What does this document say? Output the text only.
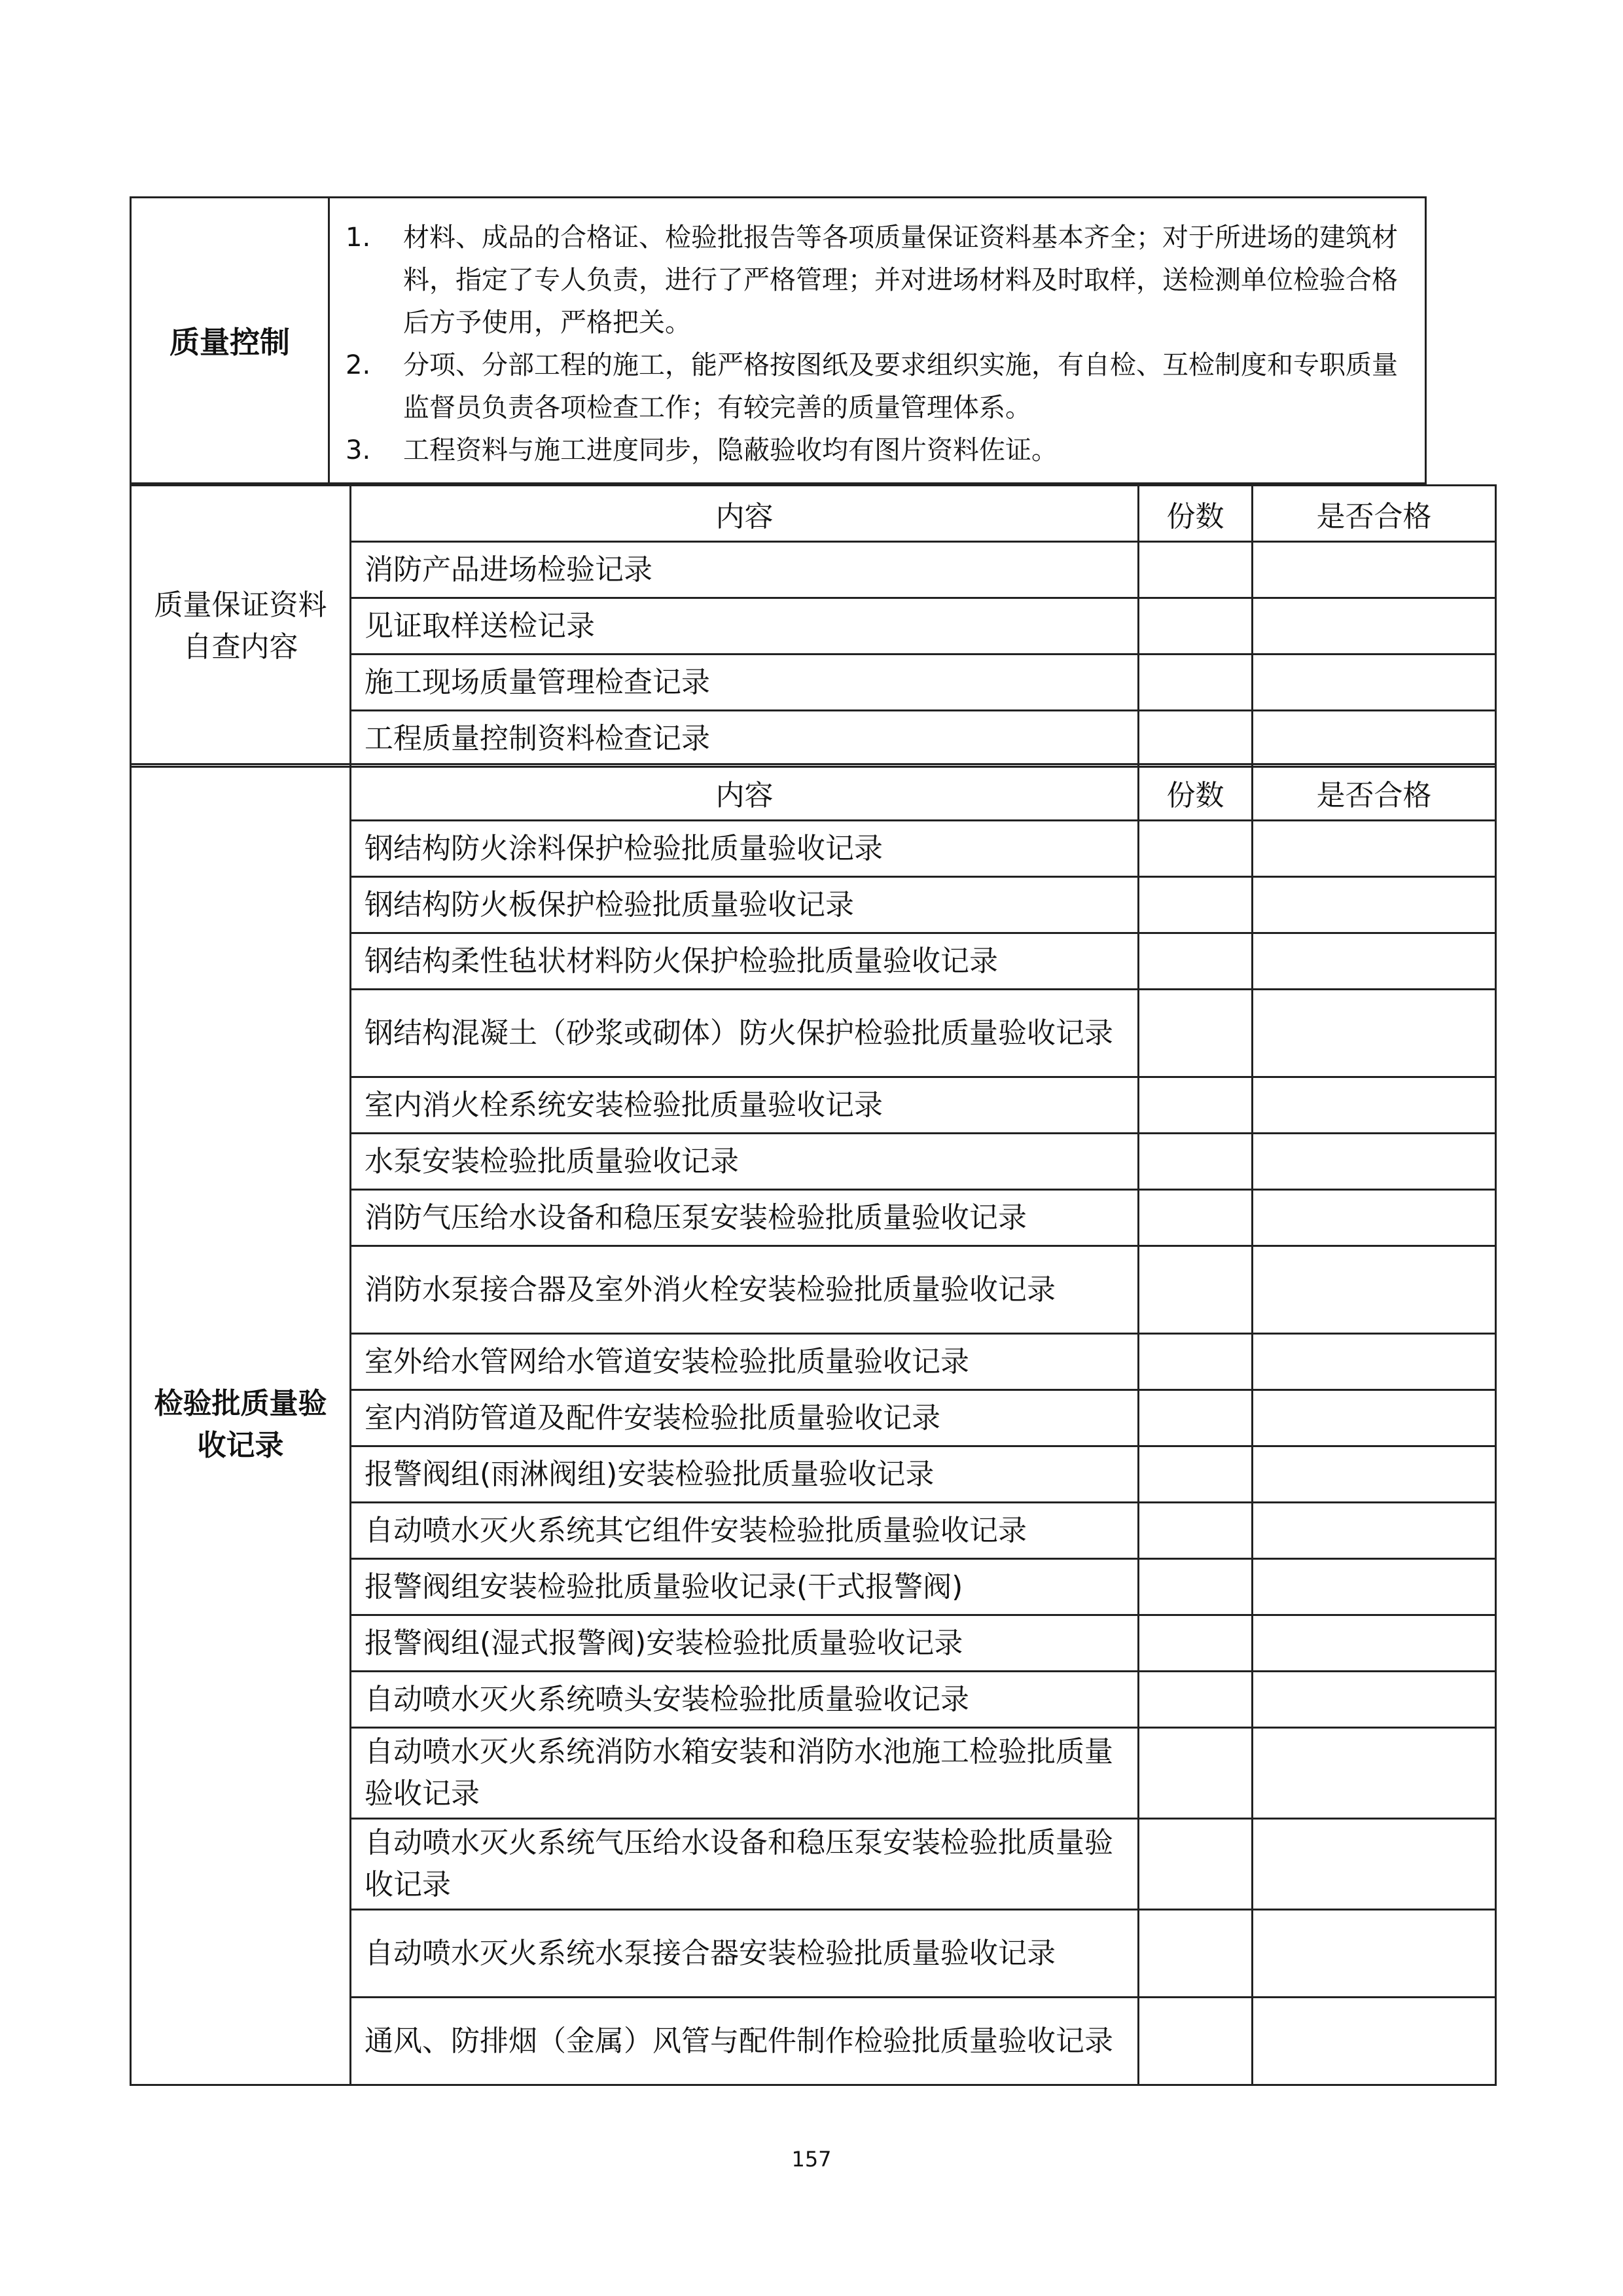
质量控制
1.	材料、成品的合格证、检验批报告等各项质量保证资料基本齐全；对于所进场的建筑材料，指定了专人负责，进行了严格管理；并对进场材料及时取样，送检测单位检验合格后方予使用，严格把关。
2.	分项、分部工程的施工，能严格按图纸及要求组织实施，有自检、互检制度和专职质量监督员负责各项检查工作；有较完善的质量管理体系。
3.	工程资料与施工进度同步，隐蔽验收均有图片资料佐证。
质量保证资料自查内容	内容	份数	是否合格
	消防产品进场检验记录		
	见证取样送检记录		
	施工现场质量管理检查记录		
	工程质量控制资料检查记录		
检验批质量验收记录	内容	份数	是否合格
	钢结构防火涂料保护检验批质量验收记录		
	钢结构防火板保护检验批质量验收记录		
	钢结构柔性毡状材料防火保护检验批质量验收记录		
	钢结构混凝土（砂浆或砌体）防火保护检验批质量验收记录		
	室内消火栓系统安装检验批质量验收记录		
	水泵安装检验批质量验收记录		
	消防气压给水设备和稳压泵安装检验批质量验收记录		
	消防水泵接合器及室外消火栓安装检验批质量验收记录		
	室外给水管网给水管道安装检验批质量验收记录		
	室内消防管道及配件安装检验批质量验收记录		
	报警阀组(雨淋阀组)安装检验批质量验收记录		
	自动喷水灭火系统其它组件安装检验批质量验收记录		
	报警阀组安装检验批质量验收记录(干式报警阀)		
	报警阀组(湿式报警阀)安装检验批质量验收记录		
	自动喷水灭火系统喷头安装检验批质量验收记录		
	自动喷水灭火系统消防水箱安装和消防水池施工检验批质量验收记录		
	自动喷水灭火系统气压给水设备和稳压泵安装检验批质量验收记录		
	自动喷水灭火系统水泵接合器安装检验批质量验收记录		
	通风、防排烟（金属）风管与配件制作检验批质量验收记录		
157
